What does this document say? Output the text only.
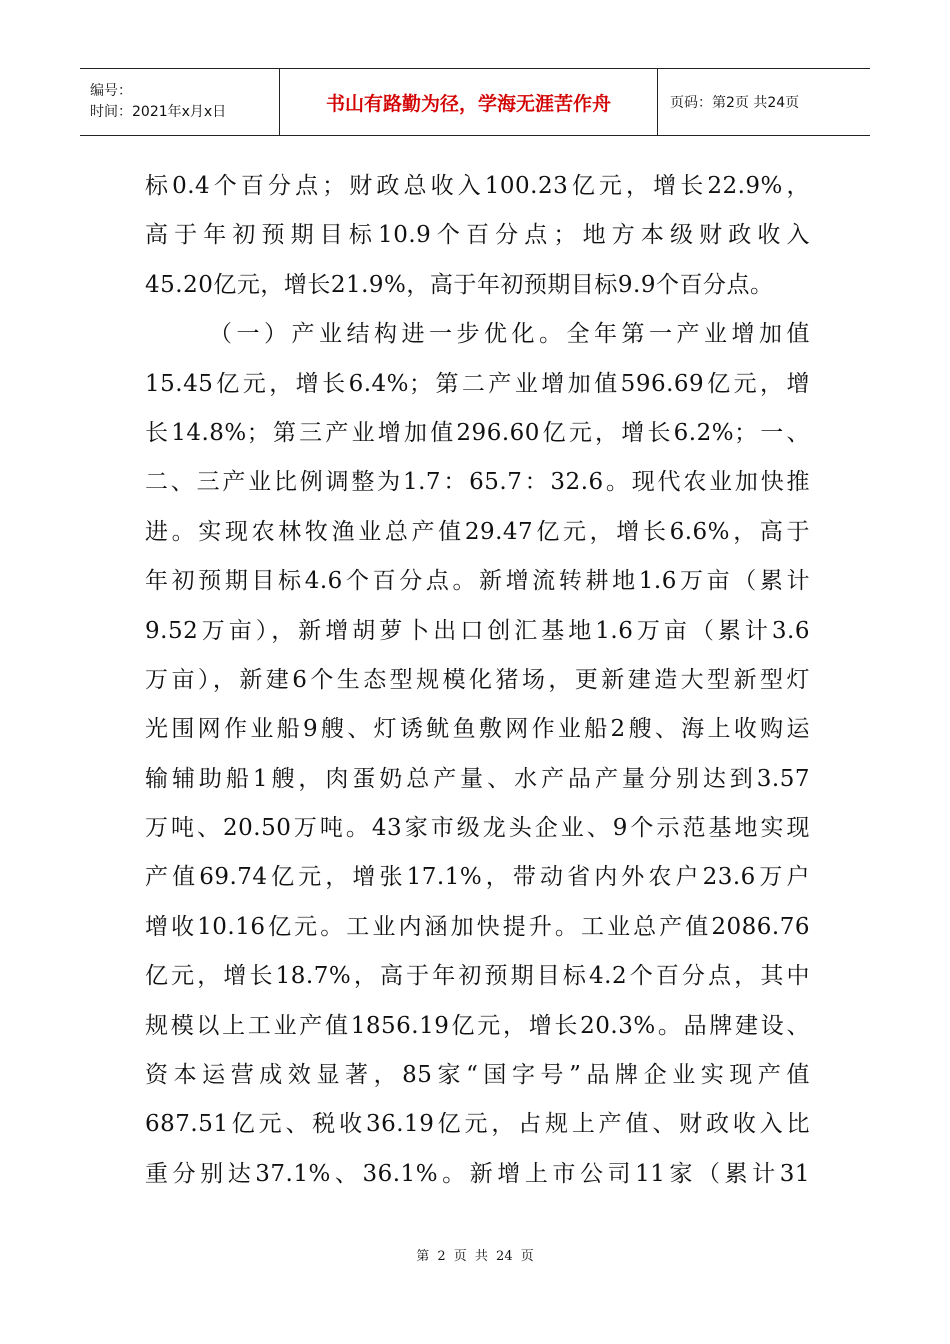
编号：
时间：2021年x月x日	书山有路勤为径，学海无涯苦作舟	页码：第2页 共24页
标0.4个百分点；财政总收入100.23亿元，增长22.9%，
高于年初预期目标10.9个百分点；地方本级财政收入
45.20亿元，增长21.9%，高于年初预期目标9.9个百分点。
（一）产业结构进一步优化。全年第一产业增加值
15.45亿元，增长6.4%；第二产业增加值596.69亿元，增
长14.8%；第三产业增加值296.60亿元，增长6.2%；一、
二、三产业比例调整为1.7：65.7：32.6。现代农业加快推
进。实现农林牧渔业总产值29.47亿元，增长6.6%，高于
年初预期目标4.6个百分点。新增流转耕地1.6万亩（累计
9.52万亩），新增胡萝卜出口创汇基地1.6万亩（累计3.6
万亩），新建6个生态型规模化猪场，更新建造大型新型灯
光围网作业船9艘、灯诱鱿鱼敷网作业船2艘、海上收购运
输辅助船1艘，肉蛋奶总产量、水产品产量分别达到3.57
万吨、20.50万吨。43家市级龙头企业、9个示范基地实现
产值69.74亿元，增张17.1%，带动省内外农户23.6万户
增收10.16亿元。工业内涵加快提升。工业总产值2086.76
亿元，增长18.7%，高于年初预期目标4.2个百分点，其中
规模以上工业产值1856.19亿元，增长20.3%。品牌建设、
资本运营成效显著，85家“国字号”品牌企业实现产值
687.51亿元、税收36.19亿元，占规上产值、财政收入比
重分别达37.1%、36.1%。新增上市公司11家（累计31
第 2 页 共 24 页
